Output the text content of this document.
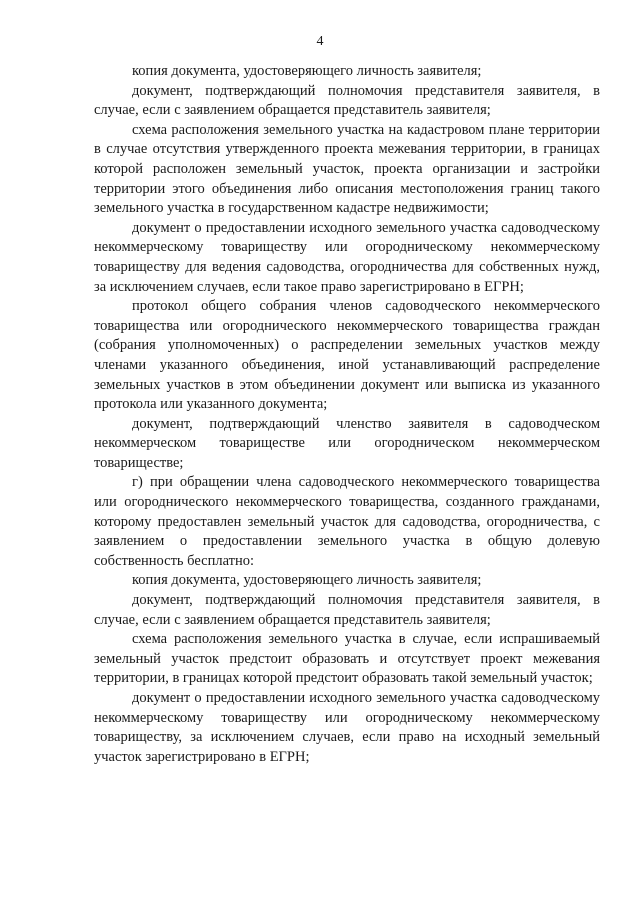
4

копия документа, удостоверяющего личность заявителя;

документ, подтверждающий полномочия представителя заявителя, в случае, если с заявлением обращается представитель заявителя;

схема расположения земельного участка на кадастровом плане территории в случае отсутствия утвержденного проекта межевания территории, в границах которой расположен земельный участок, проекта организации и застройки территории этого объединения либо описания местоположения границ такого земельного участка в государственном кадастре недвижимости;

документ о предоставлении исходного земельного участка садоводческому некоммерческому товариществу или огородническому некоммерческому товариществу для ведения садоводства, огородничества для собственных нужд, за исключением случаев, если такое право зарегистрировано в ЕГРН;

протокол общего собрания членов садоводческого некоммерческого товарищества или огороднического некоммерческого товарищества граждан (собрания уполномоченных) о распределении земельных участков между членами указанного объединения, иной устанавливающий распределение земельных участков в этом объединении документ или выписка из указанного протокола или указанного документа;

документ, подтверждающий членство заявителя в садоводческом некоммерческом товариществе или огородническом некоммерческом товариществе;

г) при обращении члена садоводческого некоммерческого товарищества или огороднического некоммерческого товарищества, созданного гражданами, которому предоставлен земельный участок для садоводства, огородничества, с заявлением о предоставлении земельного участка в общую долевую собственность бесплатно:

копия документа, удостоверяющего личность заявителя;

документ, подтверждающий полномочия представителя заявителя, в случае, если с заявлением обращается представитель заявителя;

схема расположения земельного участка в случае, если испрашиваемый земельный участок предстоит образовать и отсутствует проект межевания территории, в границах которой предстоит образовать такой земельный участок;

документ о предоставлении исходного земельного участка садоводческому некоммерческому товариществу или огородническому некоммерческому товариществу, за исключением случаев, если право на исходный земельный участок зарегистрировано в ЕГРН;
